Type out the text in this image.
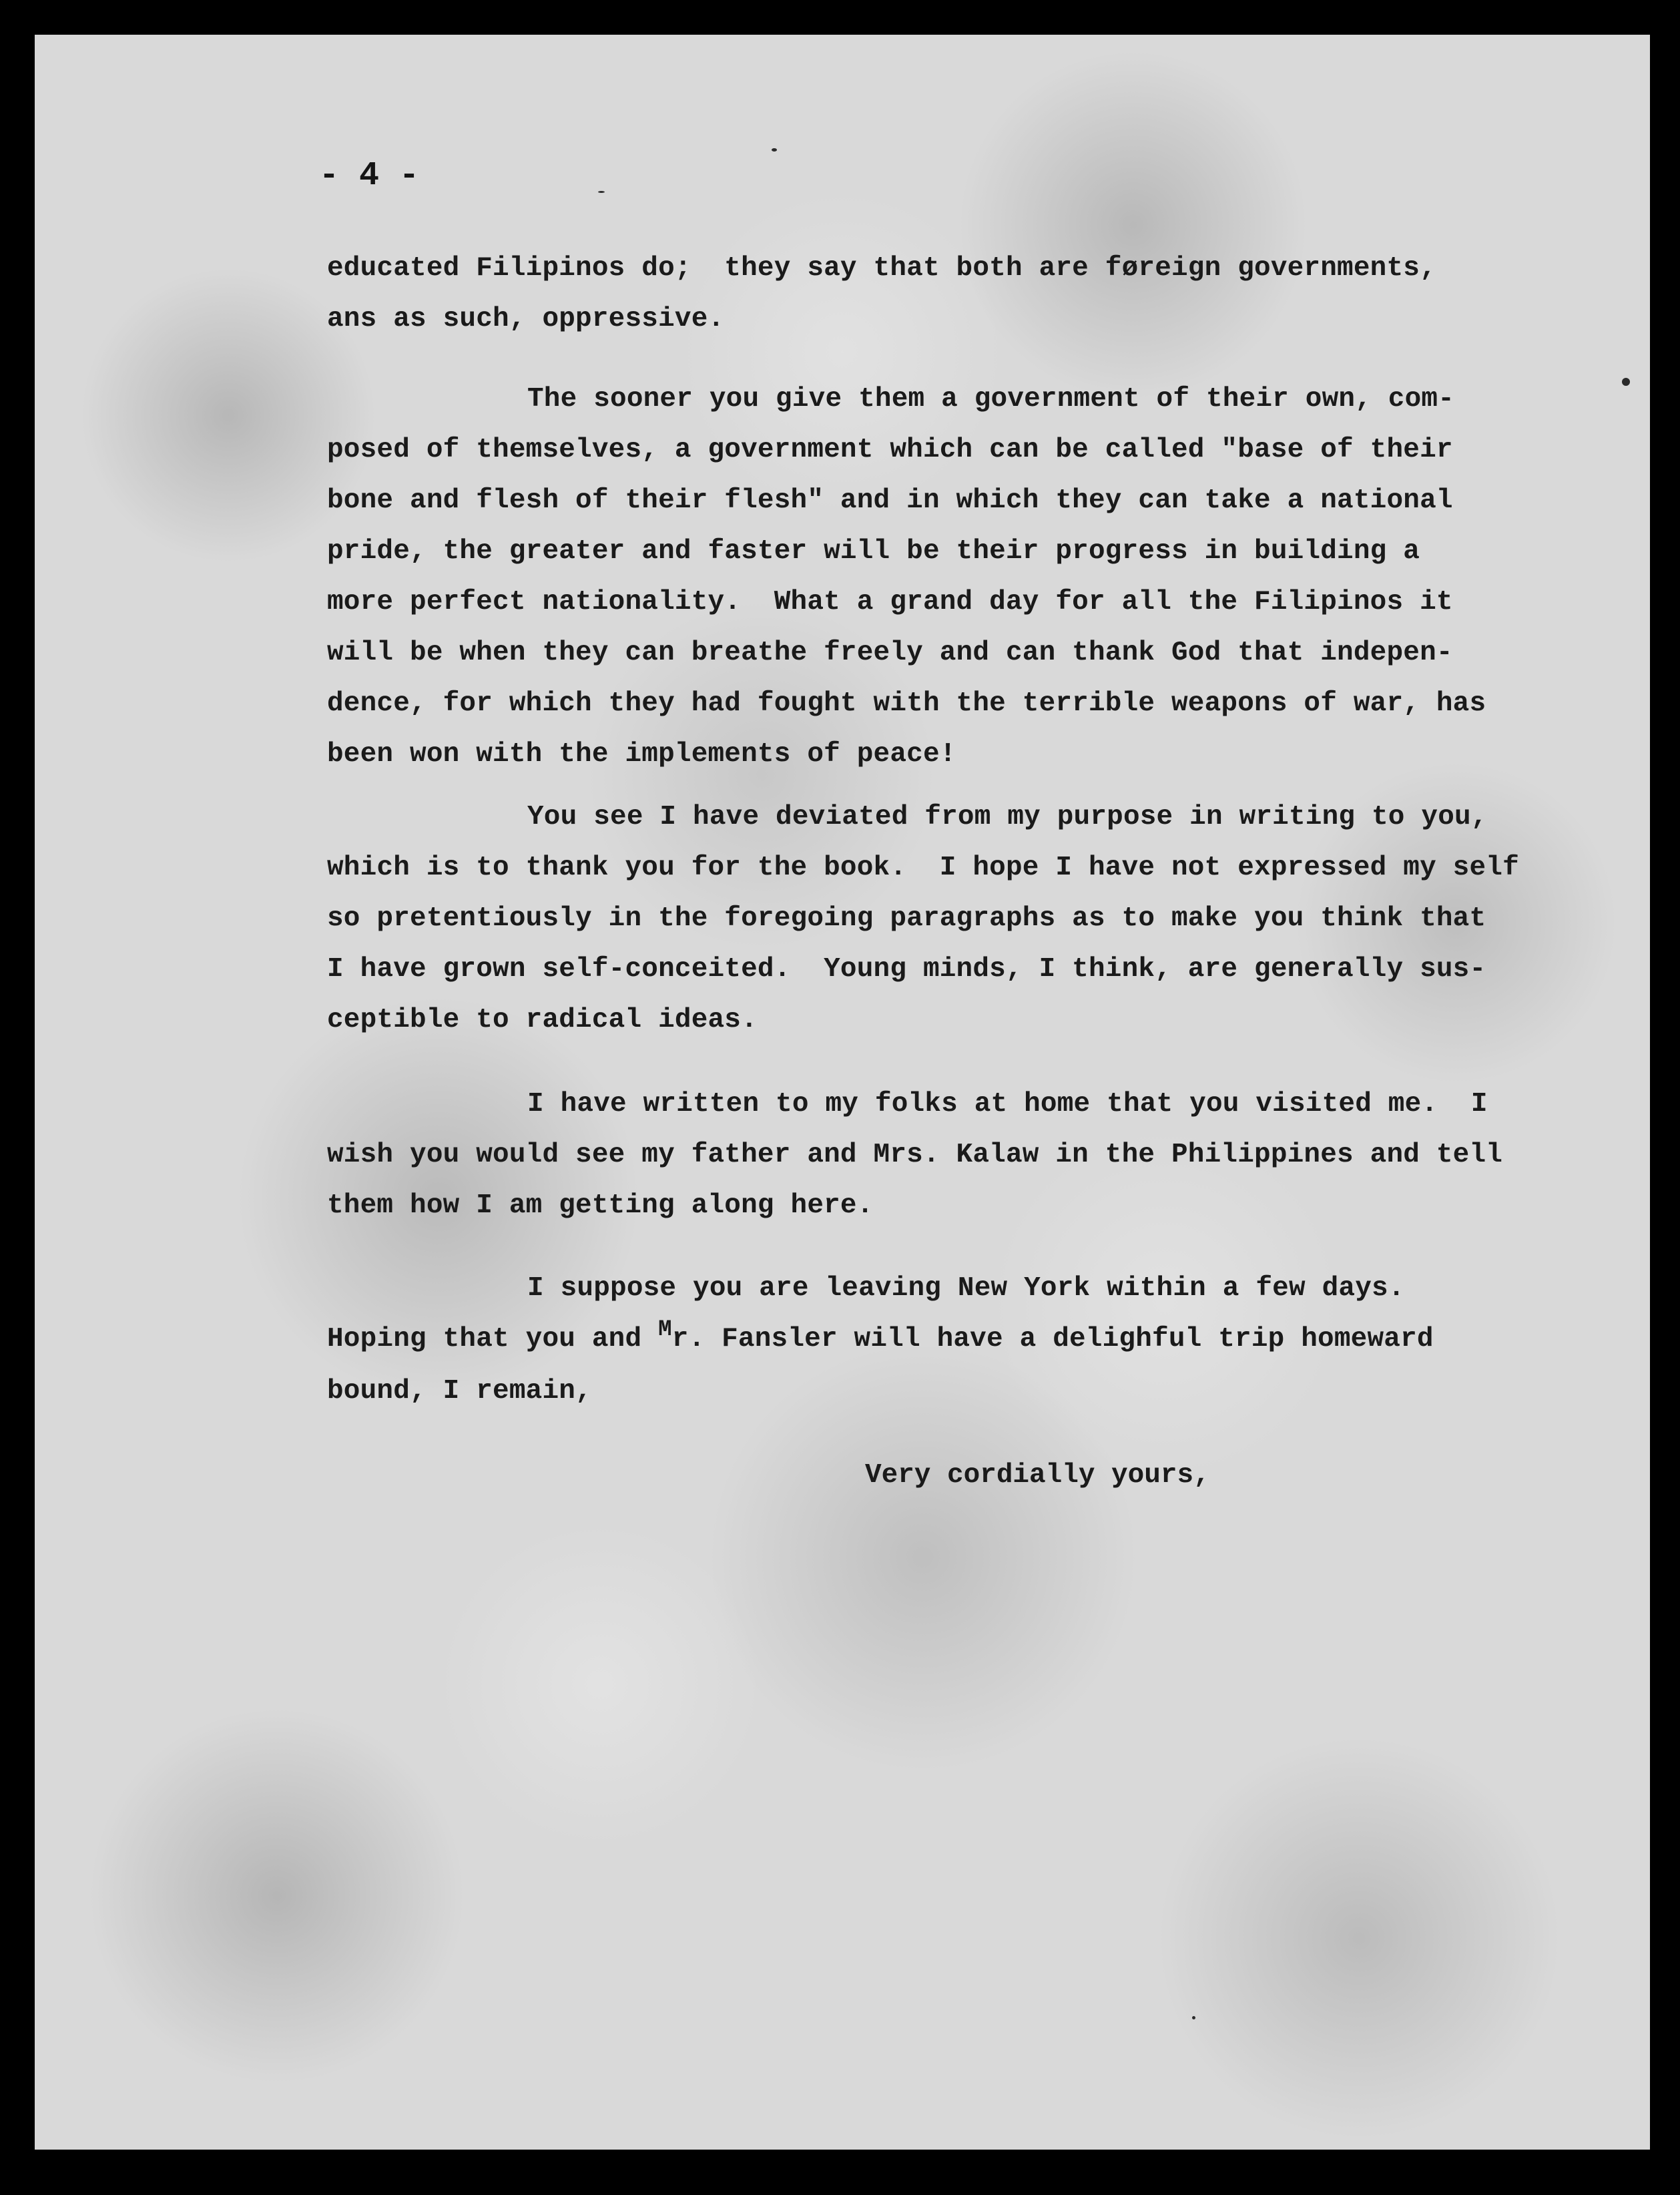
- 4 -

educated Filipinos do;  they say that both are føreign governments,
ans as such, oppressive.

The sooner you give them a government of their own, com-
posed of themselves, a government which can be called "base of their
bone and flesh of their flesh" and in which they can take a national
pride, the greater and faster will be their progress in building a
more perfect nationality.  What a grand day for all the Filipinos it
will be when they can breathe freely and can thank God that indepen-
dence, for which they had fought with the terrible weapons of war, has
been won with the implements of peace!

You see I have deviated from my purpose in writing to you,
which is to thank you for the book.  I hope I have not expressed my self
so pretentiously in the foregoing paragraphs as to make you think that
I have grown self-conceited.  Young minds, I think, are generally sus-
ceptible to radical ideas.

I have written to my folks at home that you visited me.  I
wish you would see my father and Mrs. Kalaw in the Philippines and tell
them how I am getting along here.

I suppose you are leaving New York within a few days.
Hoping that you and $^M$r. Fansler will have a delighful trip homeward
bound, I remain,

Very cordially yours,
